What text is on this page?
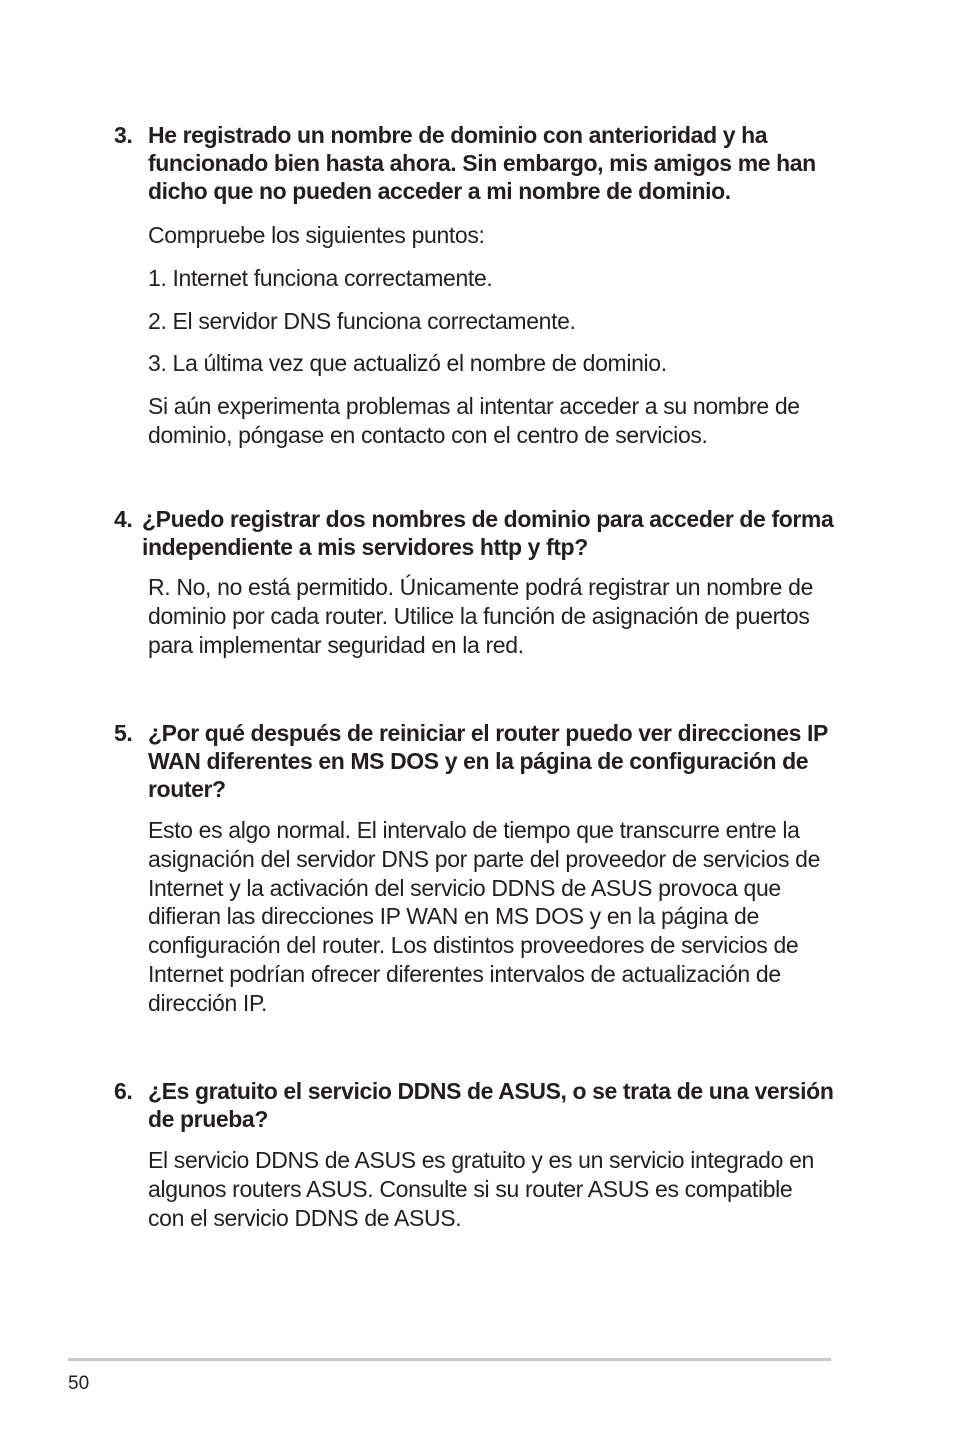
3. He registrado un nombre de dominio con anterioridad y ha funcionado bien hasta ahora. Sin embargo, mis amigos me han dicho que no pueden acceder a mi nombre de dominio.

Compruebe los siguientes puntos:

1. Internet funciona correctamente.

2. El servidor DNS funciona correctamente.

3. La última vez que actualizó el nombre de dominio.

Si aún experimenta problemas al intentar acceder a su nombre de dominio, póngase en contacto con el centro de servicios.

4. ¿Puedo registrar dos nombres de dominio para acceder de forma independiente a mis servidores http y ftp?

R. No, no está permitido. Únicamente podrá registrar un nombre de dominio por cada router. Utilice la función de asignación de puertos para implementar seguridad en la red.

5. ¿Por qué después de reiniciar el router puedo ver direcciones IP WAN diferentes en MS DOS y en la página de configuración de router?

Esto es algo normal. El intervalo de tiempo que transcurre entre la asignación del servidor DNS por parte del proveedor de servicios de Internet y la activación del servicio DDNS de ASUS provoca que difieran las direcciones IP WAN en MS DOS y en la página de configuración del router. Los distintos proveedores de servicios de Internet podrían ofrecer diferentes intervalos de actualización de dirección IP.

6. ¿Es gratuito el servicio DDNS de ASUS, o se trata de una versión de prueba?

El servicio DDNS de ASUS es gratuito y es un servicio integrado en algunos routers ASUS. Consulte si su router ASUS es compatible con el servicio DDNS de ASUS.

50
